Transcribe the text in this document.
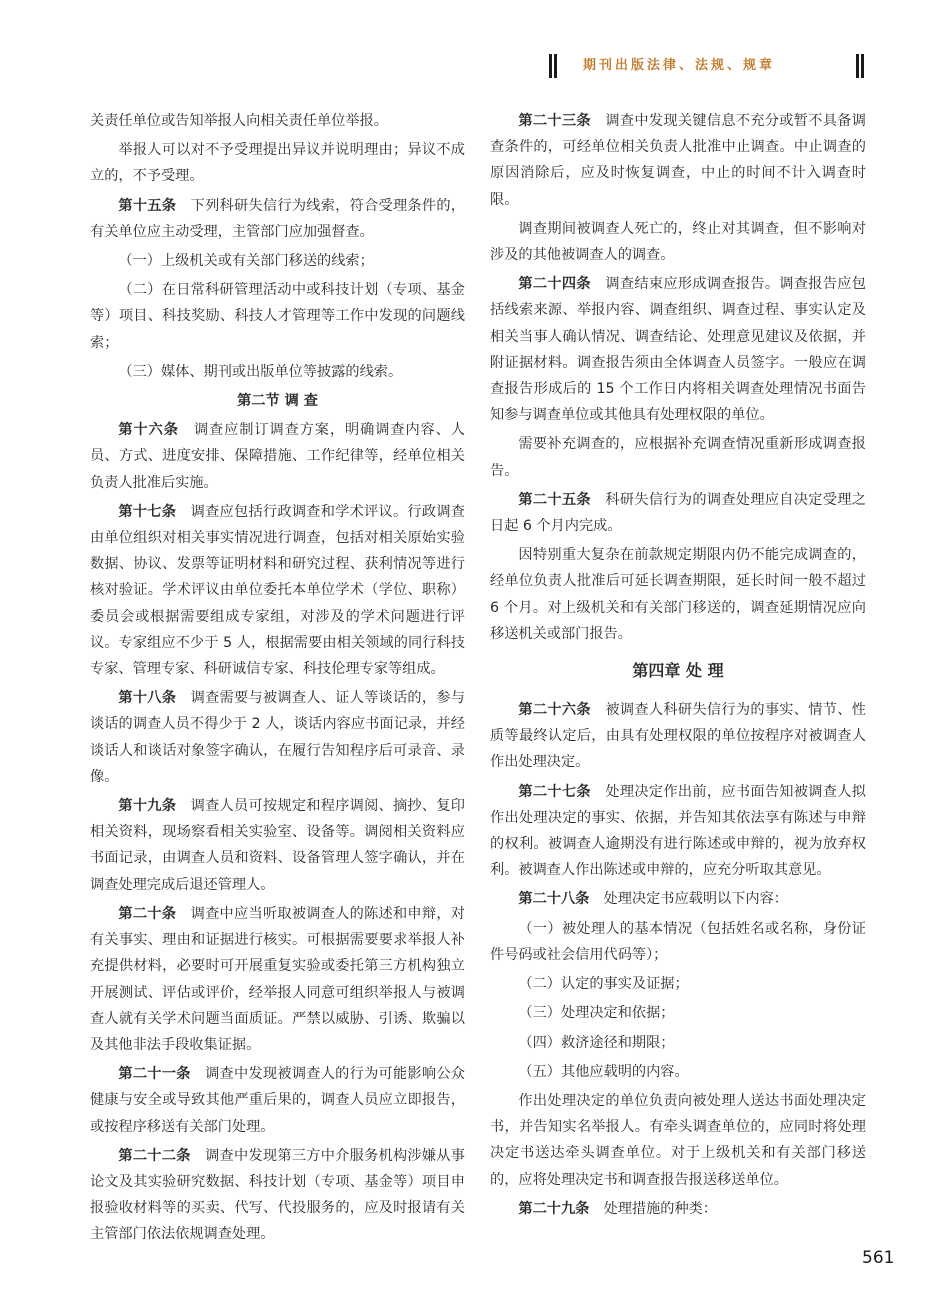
期刊出版法律、法规、规章

关责任单位或告知举报人向相关责任单位举报。

举报人可以对不予受理提出异议并说明理由；异议不成立的，不予受理。

第十五条　 下列科研失信行为线索，符合受理条件的，有关单位应主动受理，主管部门应加强督查。

（一）上级机关或有关部门移送的线索；

（二）在日常科研管理活动中或科技计划（专项、基金等）项目、科技奖励、科技人才管理等工作中发现的问题线索；

（三）媒体、期刊或出版单位等披露的线索。

第二节 调 查

第十六条　 调查应制订调查方案，明确调查内容、人员、方式、进度安排、保障措施、工作纪律等，经单位相关负责人批准后实施。

第十七条　 调查应包括行政调查和学术评议。行政调查由单位组织对相关事实情况进行调查，包括对相关原始实验数据、协议、发票等证明材料和研究过程、获利情况等进行核对验证。学术评议由单位委托本单位学术（学位、职称）委员会或根据需要组成专家组，对涉及的学术问题进行评议。专家组应不少于 5 人，根据需要由相关领域的同行科技专家、管理专家、科研诚信专家、科技伦理专家等组成。

第十八条　 调查需要与被调查人、证人等谈话的，参与谈话的调查人员不得少于 2 人，谈话内容应书面记录，并经谈话人和谈话对象签字确认，在履行告知程序后可录音、录像。

第十九条　 调查人员可按规定和程序调阅、摘抄、复印相关资料，现场察看相关实验室、设备等。调阅相关资料应书面记录，由调查人员和资料、设备管理人签字确认，并在调查处理完成后退还管理人。

第二十条　 调查中应当听取被调查人的陈述和申辩，对有关事实、理由和证据进行核实。可根据需要要求举报人补充提供材料，必要时可开展重复实验或委托第三方机构独立开展测试、评估或评价，经举报人同意可组织举报人与被调查人就有关学术问题当面质证。严禁以威胁、引诱、欺骗以及其他非法手段收集证据。

第二十一条　 调查中发现被调查人的行为可能影响公众健康与安全或导致其他严重后果的，调查人员应立即报告，或按程序移送有关部门处理。

第二十二条　 调查中发现第三方中介服务机构涉嫌从事论文及其实验研究数据、科技计划（专项、基金等）项目申报验收材料等的买卖、代写、代投服务的，应及时报请有关主管部门依法依规调查处理。

第二十三条　 调查中发现关键信息不充分或暂不具备调查条件的，可经单位相关负责人批准中止调查。中止调查的原因消除后，应及时恢复调查，中止的时间不计入调查时限。

调查期间被调查人死亡的，终止对其调查，但不影响对涉及的其他被调查人的调查。

第二十四条　 调查结束应形成调查报告。调查报告应包括线索来源、举报内容、调查组织、调查过程、事实认定及相关当事人确认情况、调查结论、处理意见建议及依据，并附证据材料。调查报告须由全体调查人员签字。一般应在调查报告形成后的 15 个工作日内将相关调查处理情况书面告知参与调查单位或其他具有处理权限的单位。

需要补充调查的，应根据补充调查情况重新形成调查报告。

第二十五条　 科研失信行为的调查处理应自决定受理之日起 6 个月内完成。

因特别重大复杂在前款规定期限内仍不能完成调查的，经单位负责人批准后可延长调查期限，延长时间一般不超过 6 个月。对上级机关和有关部门移送的，调查延期情况应向移送机关或部门报告。

第四章 处 理

第二十六条　 被调查人科研失信行为的事实、情节、性质等最终认定后，由具有处理权限的单位按程序对被调查人作出处理决定。

第二十七条　 处理决定作出前，应书面告知被调查人拟作出处理决定的事实、依据，并告知其依法享有陈述与申辩的权利。被调查人逾期没有进行陈述或申辩的，视为放弃权利。被调查人作出陈述或申辩的，应充分听取其意见。

第二十八条　 处理决定书应载明以下内容：

（一）被处理人的基本情况（包括姓名或名称，身份证件号码或社会信用代码等）；

（二）认定的事实及证据；

（三）处理决定和依据；

（四）救济途径和期限；

（五）其他应载明的内容。

作出处理决定的单位负责向被处理人送达书面处理决定书，并告知实名举报人。有牵头调查单位的，应同时将处理决定书送达牵头调查单位。对于上级机关和有关部门移送的，应将处理决定书和调查报告报送移送单位。

第二十九条　 处理措施的种类：

561
